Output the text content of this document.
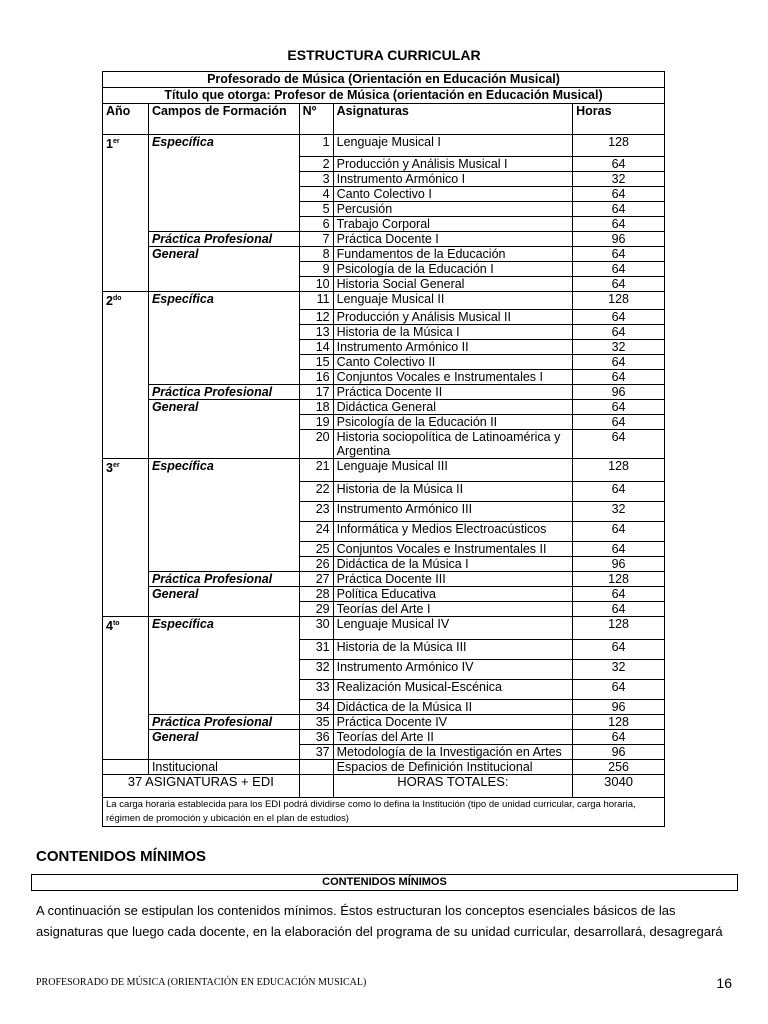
ESTRUCTURA CURRICULAR
Profesorado de Música (Orientación en Educación Musical)				
Título que otorga: Profesor de Música (orientación en Educación Musical)				
Año	Campos de Formación	Nº	Asignaturas	Horas
1er	Específica	1	Lenguaje Musical I	128
		2	Producción y Análisis Musical I	64
		3	Instrumento Armónico I	32
		4	Canto Colectivo I	64
		5	Percusión	64
		6	Trabajo Corporal	64
	Práctica Profesional	7	Práctica Docente I	96
	General	8	Fundamentos de la Educación	64
		9	Psicología de la Educación I	64
		10	Historia Social General	64
$2^{do}$	Específica	11	Lenguaje Musical II	128
		12	Producción y Análisis Musical II	64
		13	Historia de la Música I	64
		14	Instrumento Armónico II	32
		15	Canto Colectivo II	64
		16	Conjuntos Vocales e Instrumentales I	64
	Práctica Profesional	17	Práctica Docente II	96
	General	18	Didáctica General	64
		19	Psicología de la Educación II	64
		20	Historia sociopolítica de Latinoamérica y Argentina	64
3er	Específica	21	Lenguaje Musical III	128
		22	Historia de la Música II	64
		23	Instrumento Armónico III	32
		24	Informática y Medios Electroacústicos	64
		25	Conjuntos Vocales e Instrumentales II	64
		26	Didáctica de la Música I	96
	Práctica Profesional	27	Práctica Docente III	128
	General	28	Política Educativa	64
		29	Teorías del Arte I	64
$4^{to}$	Específica	30	Lenguaje Musical IV	128
		31	Historia de la Música III	64
		32	Instrumento Armónico IV	32
		33	Realización Musical-Escénica	64
		34	Didáctica de la Música II	96
	Práctica Profesional	35	Práctica Docente IV	128
	General	36	Teorías del Arte II	64
		37	Metodología de la Investigación en Artes	96
	Institucional		Espacios de Definición Institucional	256
37 ASIGNATURAS + EDI			HORAS TOTALES:	3040
La carga horaria establecida para los EDI podrá dividirse como lo defina la Institución (tipo de unidad curricular, carga horaria, régimen de promoción y ubicación en el plan de estudios)				
CONTENIDOS MÍNIMOS
CONTENIDOS MÍNIMOS
A continuación se estipulan los contenidos mínimos. Éstos estructuran los conceptos esenciales básicos de las asignaturas que luego cada docente, en la elaboración del programa de su unidad curricular, desarrollará, desagregará
PROFESORADO DE MÚSICA (ORIENTACIÓN EN EDUCACIÓN MUSICAL)	16
